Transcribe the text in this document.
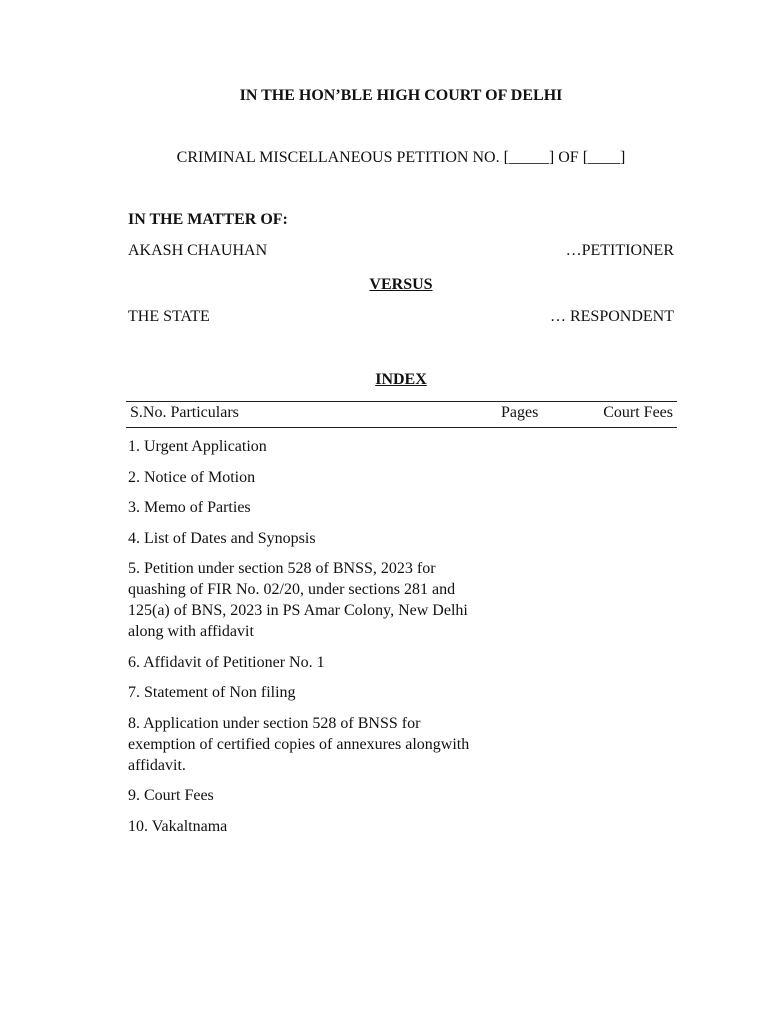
IN THE HON’BLE HIGH COURT OF DELHI
CRIMINAL MISCELLANEOUS PETITION NO. [_____] OF [____]
IN THE MATTER OF:
AKASH CHAUHAN	…PETITIONER
VERSUS
THE STATE	… RESPONDENT
INDEX
S.No. Particulars	Pages	Court Fees
1. Urgent Application
2. Notice of Motion
3. Memo of Parties
4. List of Dates and Synopsis
5. Petition under section 528 of BNSS, 2023 for quashing of FIR No. 02/20, under sections 281 and 125(a) of BNS, 2023 in PS Amar Colony, New Delhi along with affidavit
6. Affidavit of Petitioner No. 1
7. Statement of Non filing
8. Application under section 528 of BNSS for exemption of certified copies of annexures alongwith affidavit.
9. Court Fees
10. Vakaltnama
